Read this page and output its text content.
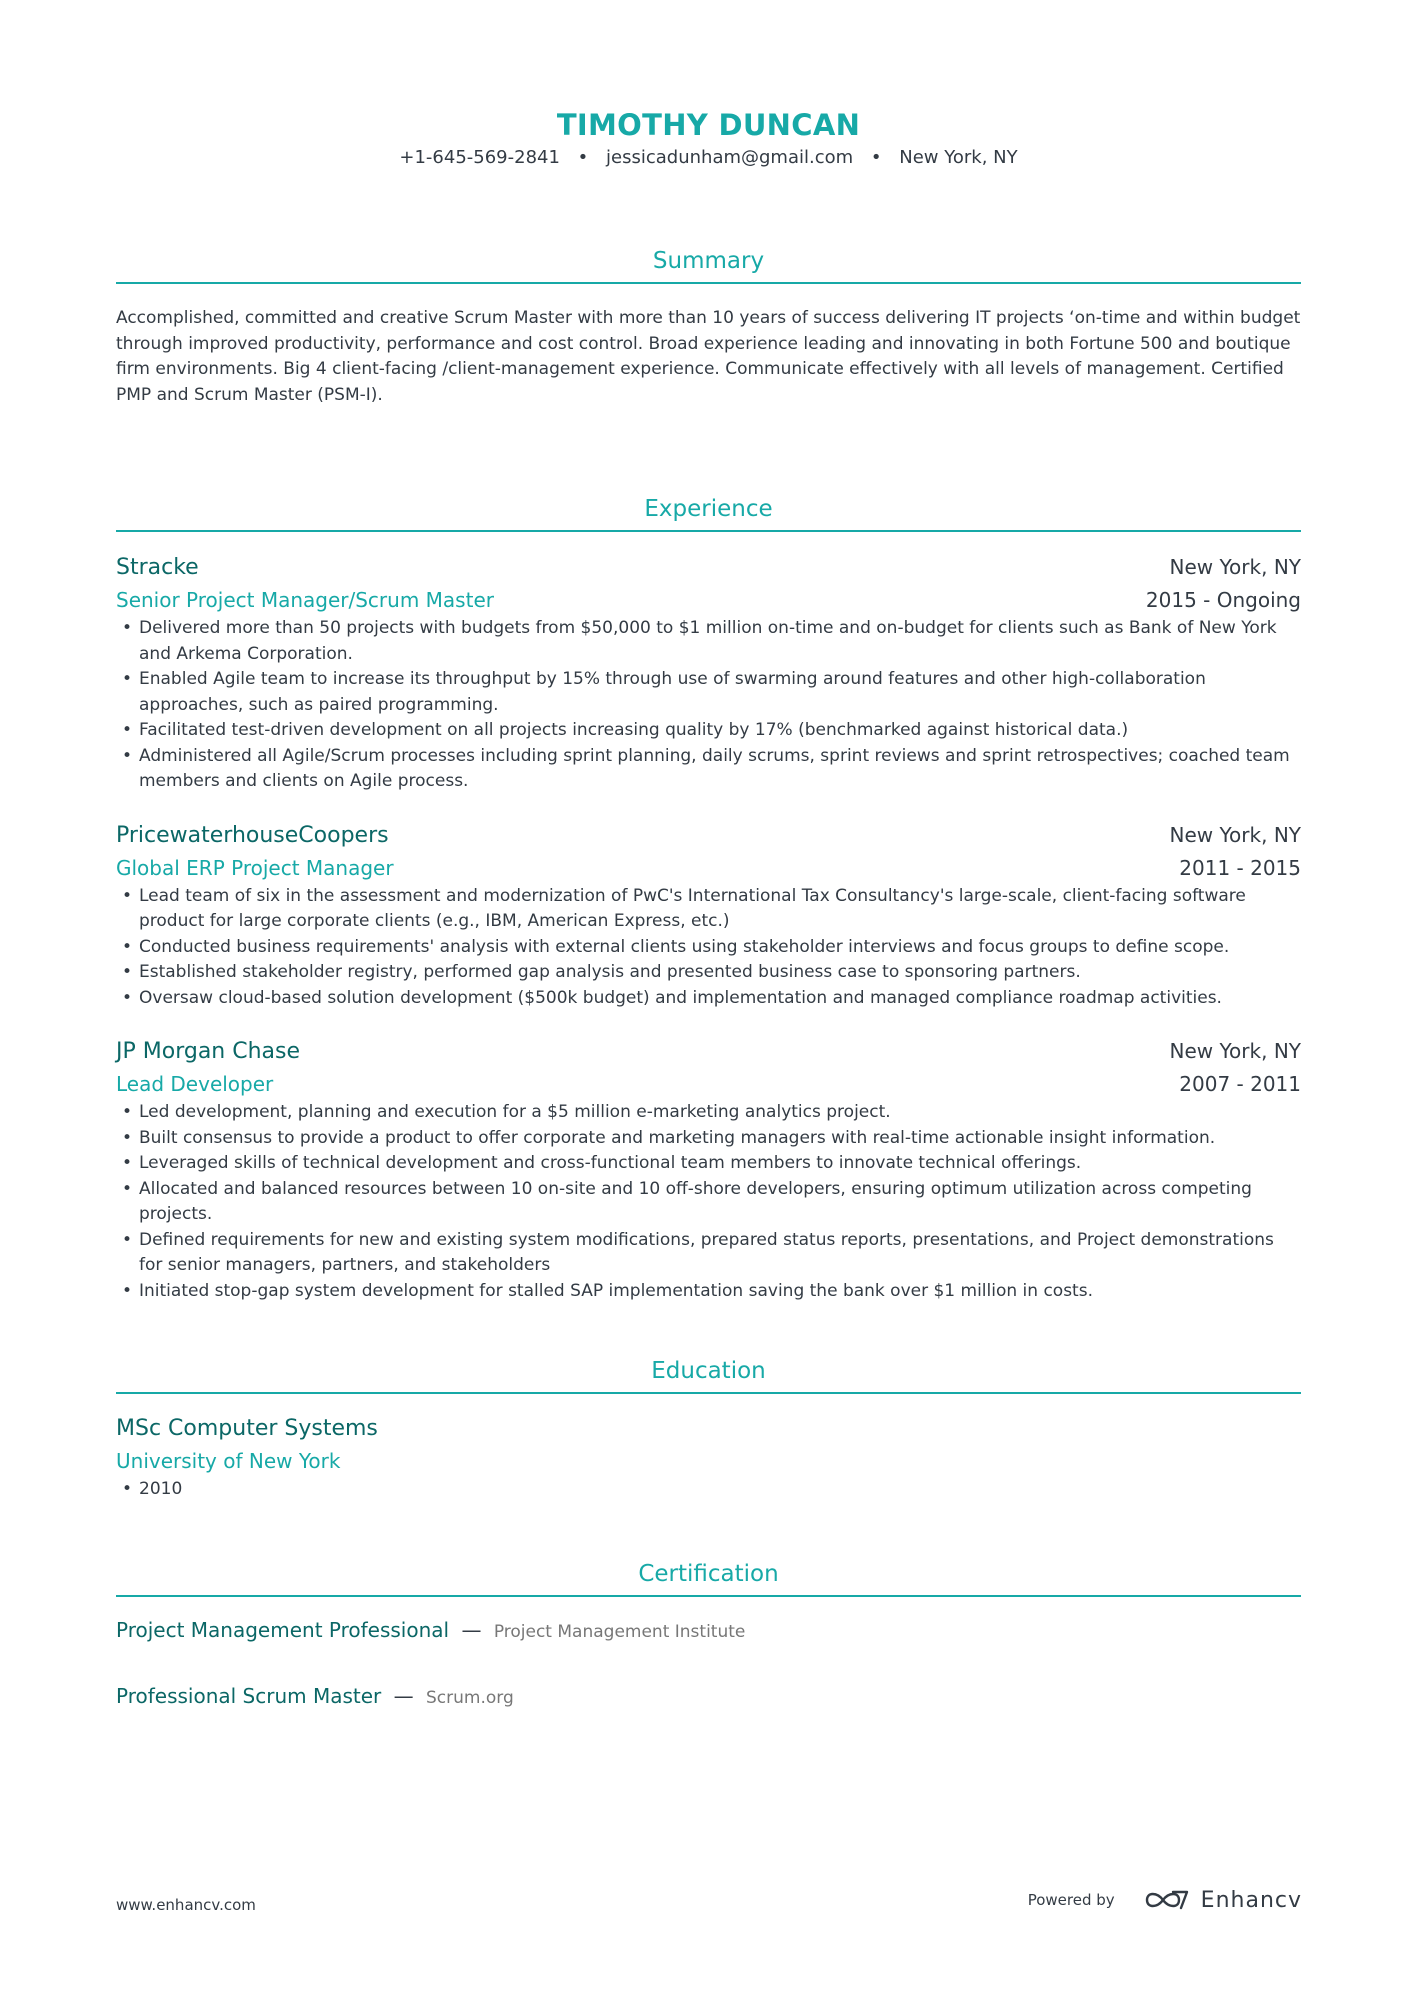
TIMOTHY DUNCAN
+1-645-569-2841 • jessicadunham@gmail.com • New York, NY
Summary
Accomplished, committed and creative Scrum Master with more than 10 years of success delivering IT projects ‘on-time and within budget through improved productivity, performance and cost control. Broad experience leading and innovating in both Fortune 500 and boutique firm environments. Big 4 client-facing /client-management experience. Communicate effectively with all levels of management. Certified PMP and Scrum Master (PSM-I).
Experience
Stracke	New York, NY
Senior Project Manager/Scrum Master	2015 - Ongoing
• Delivered more than 50 projects with budgets from $50,000 to $1 million on-time and on-budget for clients such as Bank of New York and Arkema Corporation.
• Enabled Agile team to increase its throughput by 15% through use of swarming around features and other high-collaboration approaches, such as paired programming.
• Facilitated test-driven development on all projects increasing quality by 17% (benchmarked against historical data.)
• Administered all Agile/Scrum processes including sprint planning, daily scrums, sprint reviews and sprint retrospectives; coached team members and clients on Agile process.
PricewaterhouseCoopers	New York, NY
Global ERP Project Manager	2011 - 2015
• Lead team of six in the assessment and modernization of PwC's International Tax Consultancy's large-scale, client-facing software product for large corporate clients (e.g., IBM, American Express, etc.)
• Conducted business requirements' analysis with external clients using stakeholder interviews and focus groups to define scope.
• Established stakeholder registry, performed gap analysis and presented business case to sponsoring partners.
• Oversaw cloud-based solution development ($500k budget) and implementation and managed compliance roadmap activities.
JP Morgan Chase	New York, NY
Lead Developer	2007 - 2011
• Led development, planning and execution for a $5 million e-marketing analytics project.
• Built consensus to provide a product to offer corporate and marketing managers with real-time actionable insight information.
• Leveraged skills of technical development and cross-functional team members to innovate technical offerings.
• Allocated and balanced resources between 10 on-site and 10 off-shore developers, ensuring optimum utilization across competing projects.
• Defined requirements for new and existing system modifications, prepared status reports, presentations, and Project demonstrations for senior managers, partners, and stakeholders
• Initiated stop-gap system development for stalled SAP implementation saving the bank over $1 million in costs.
Education
MSc Computer Systems
University of New York
• 2010
Certification
Project Management Professional — Project Management Institute
Professional Scrum Master — Scrum.org
www.enhancv.com	Powered by	Enhancv
